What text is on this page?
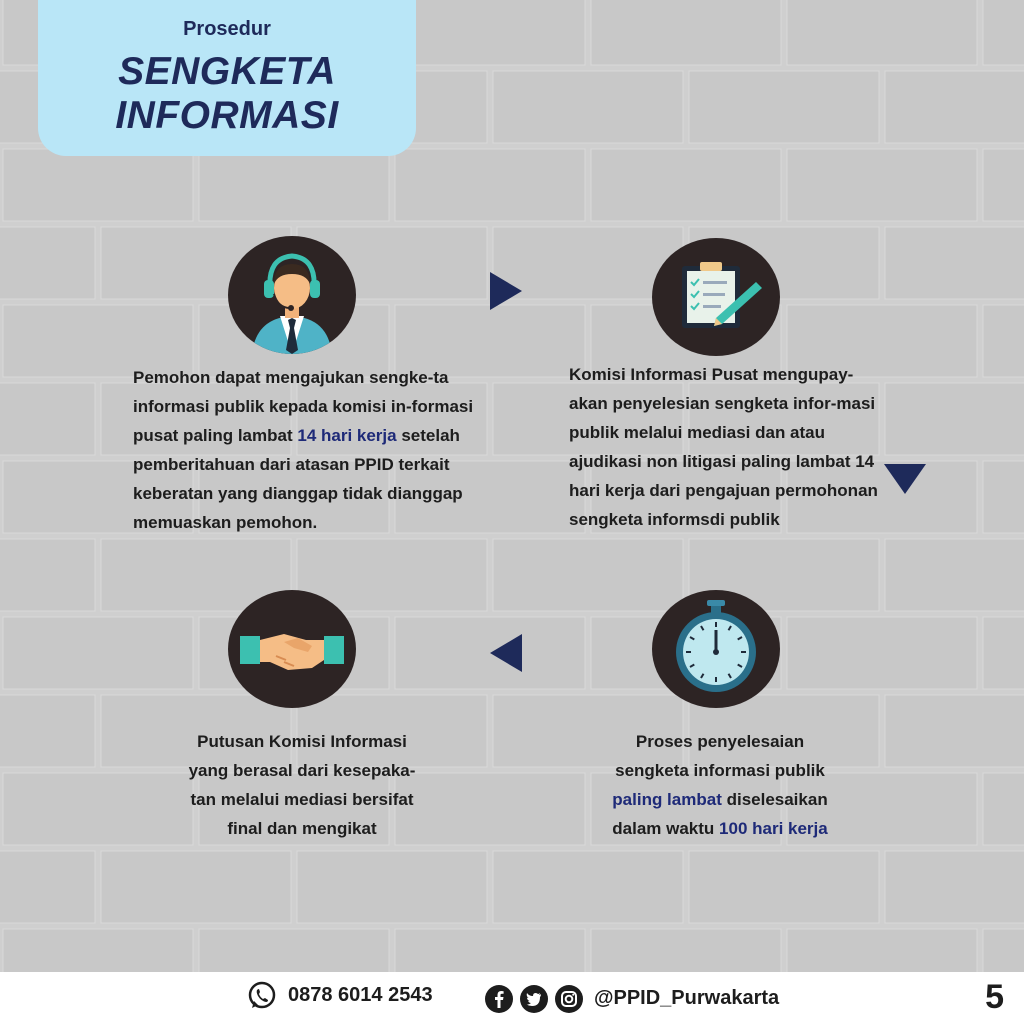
Prosedur
SENGKETA
INFORMASI
Pemohon dapat mengajukan sengke-ta informasi publik kepada komisi in-formasi pusat paling lambat 14 hari kerja setelah pemberitahuan dari atasan PPID terkait keberatan yang dianggap tidak dianggap memuaskan pemohon.
Komisi Informasi Pusat mengupay-akan penyelesian sengketa infor-masi publik melalui mediasi dan atau ajudikasi non litigasi paling lambat 14 hari kerja dari pengajuan permohonan sengketa informsdi publik
Putusan Komisi Informasi yang berasal dari kesepaka-tan melalui mediasi bersifat final dan mengikat
Proses penyelesaian sengketa informasi publik paling lambat diselesaikan dalam waktu 100 hari kerja
0878 6014 2543	@PPID_Purwakarta	5
